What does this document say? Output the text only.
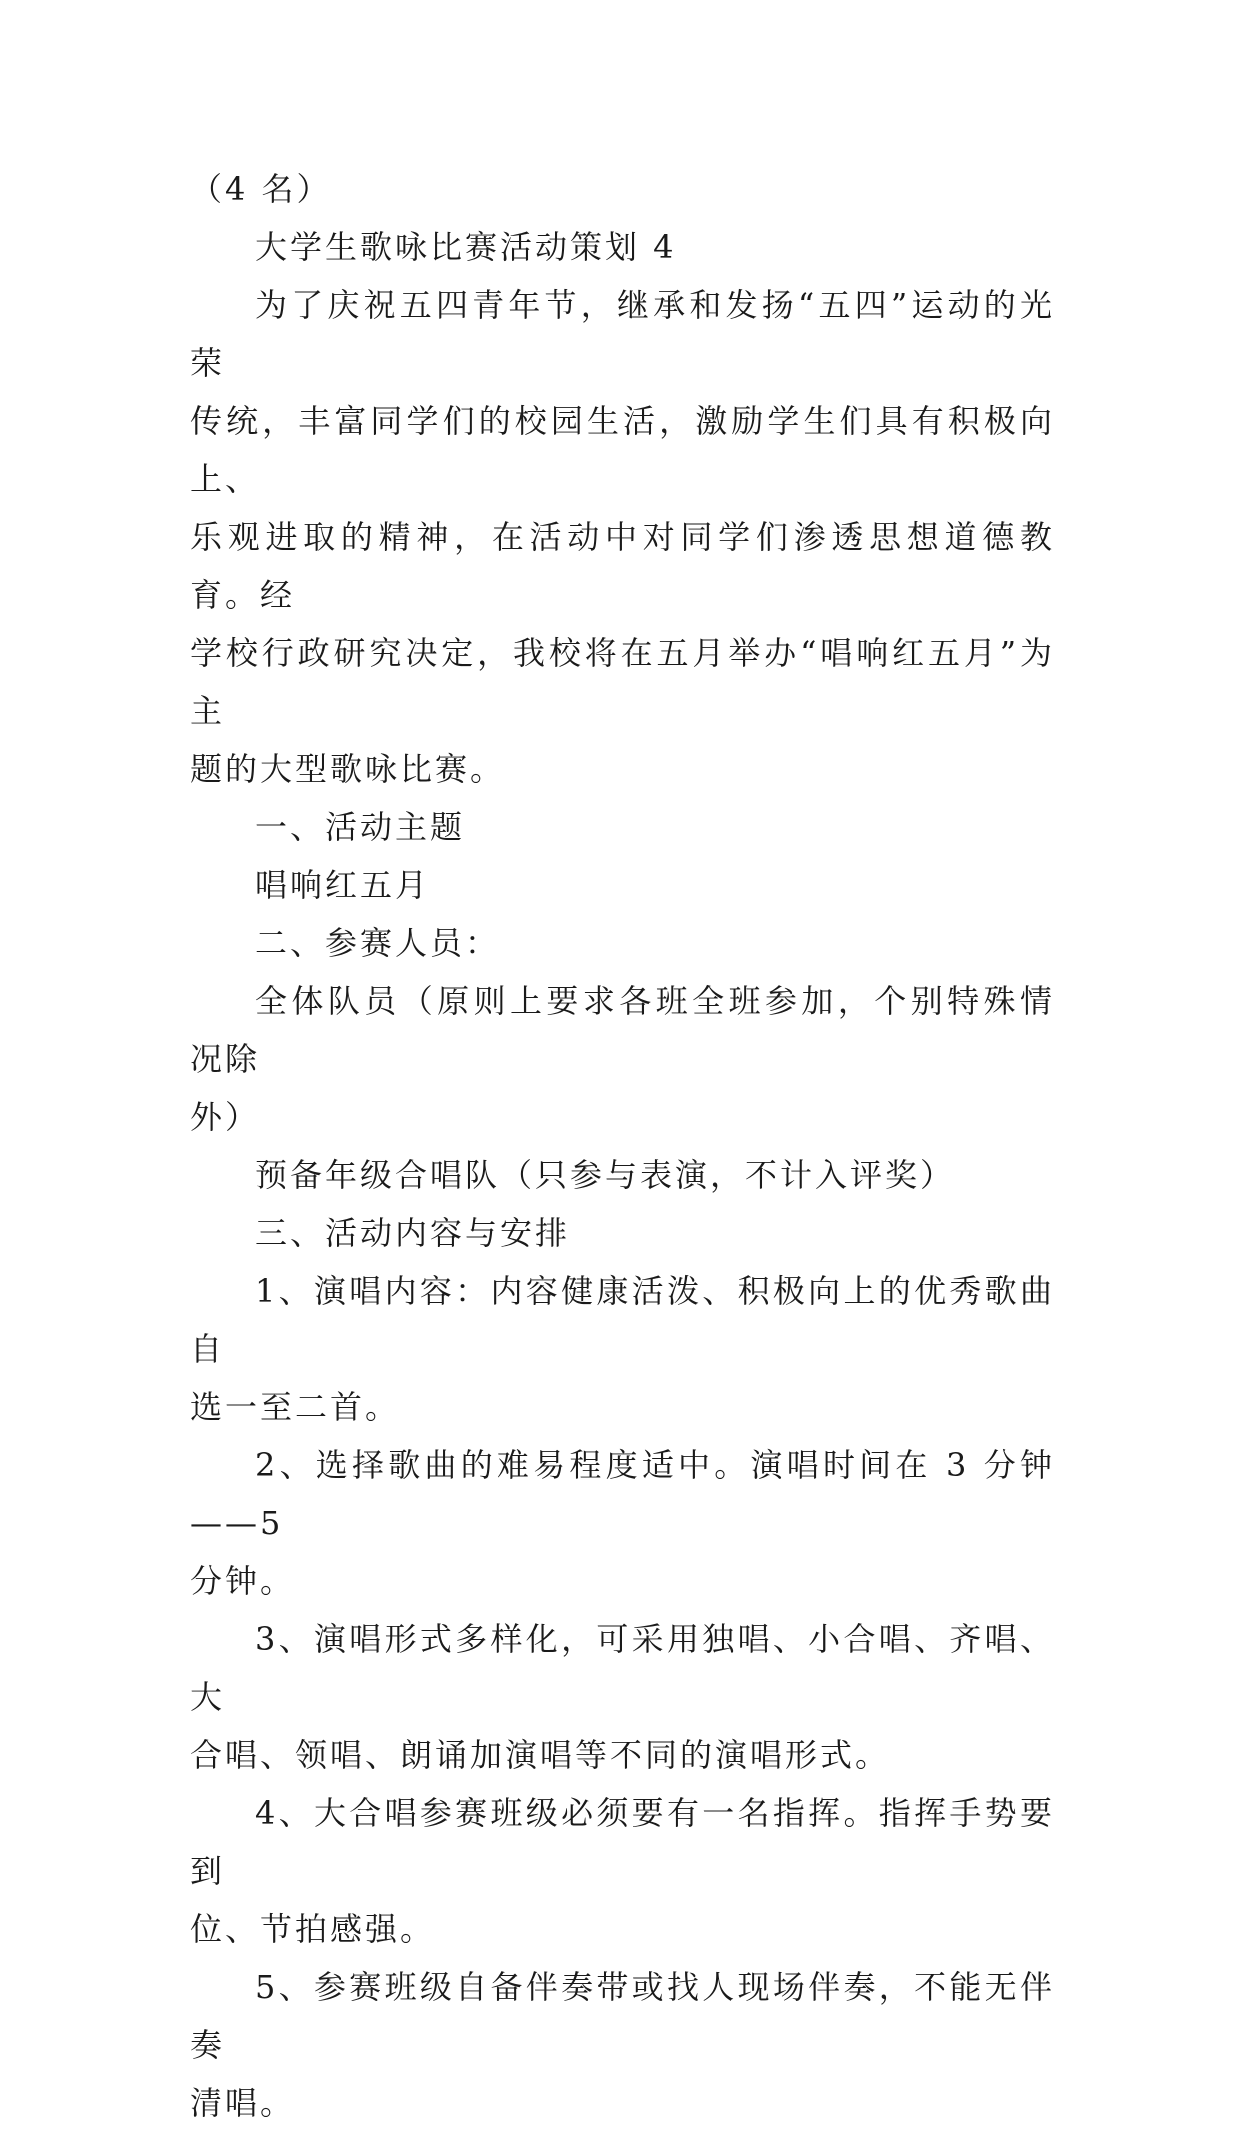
（4 名）

大学生歌咏比赛活动策划 4

为了庆祝五四青年节，继承和发扬“五四”运动的光荣
传统，丰富同学们的校园生活，激励学生们具有积极向上、
乐观进取的精神，在活动中对同学们渗透思想道德教育。经
学校行政研究决定，我校将在五月举办“唱响红五月”为主
题的大型歌咏比赛。

一、活动主题

唱响红五月

二、参赛人员：

全体队员（原则上要求各班全班参加，个别特殊情况除
外）

预备年级合唱队（只参与表演，不计入评奖）

三、活动内容与安排

1、演唱内容：内容健康活泼、积极向上的优秀歌曲自
选一至二首。

2、选择歌曲的难易程度适中。演唱时间在 3 分钟——5
分钟。

3、演唱形式多样化，可采用独唱、小合唱、齐唱、大
合唱、领唱、朗诵加演唱等不同的演唱形式。

4、大合唱参赛班级必须要有一名指挥。指挥手势要到
位、节拍感强。

5、参赛班级自备伴奏带或找人现场伴奏，不能无伴奏
清唱。
